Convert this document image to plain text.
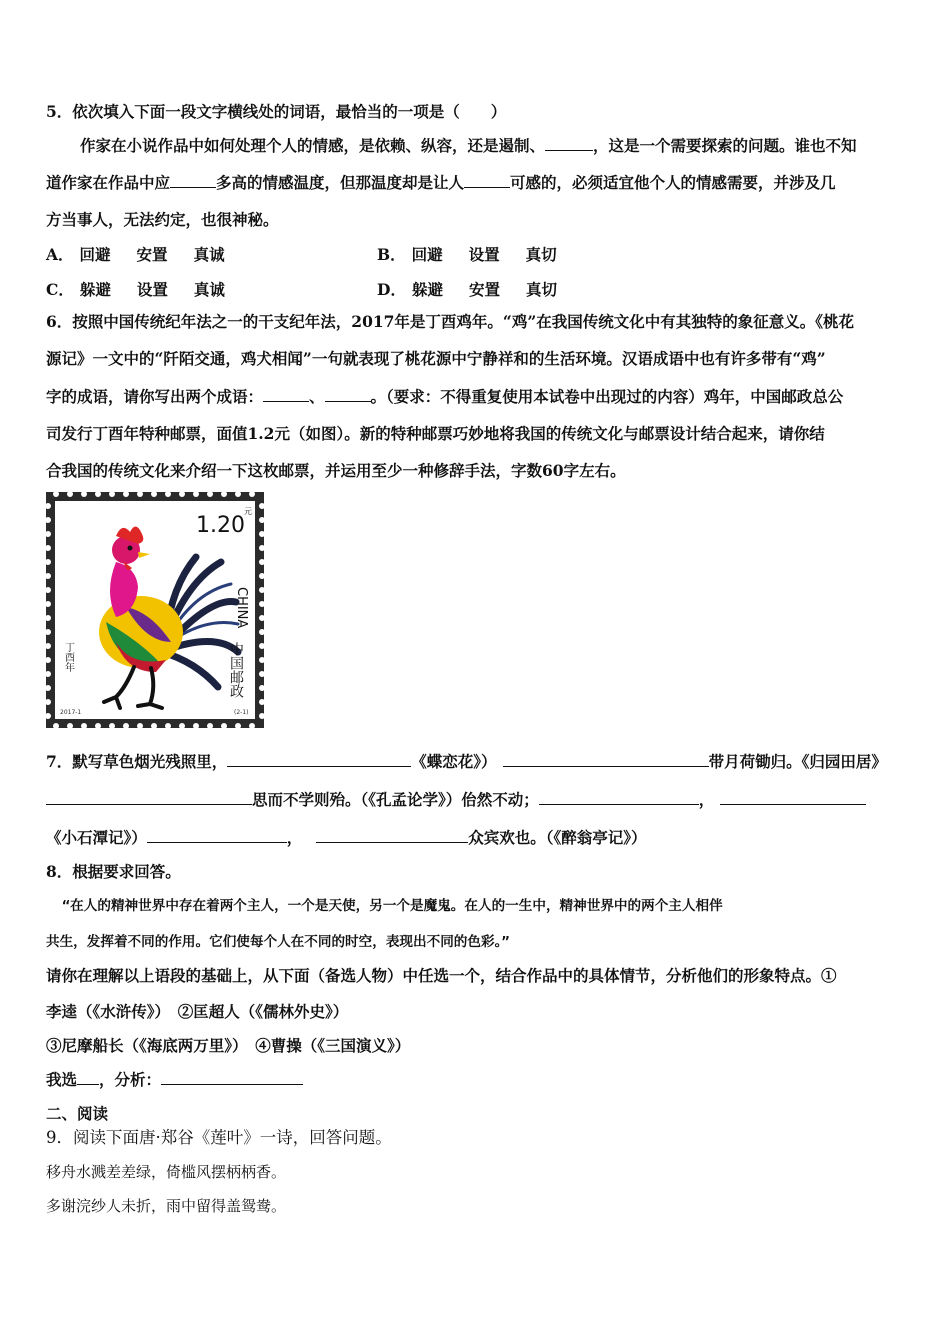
5．依次填入下面一段文字横线处的词语，最恰当的一项是（　　）
作家在小说作品中如何处理个人的情感，是依赖、纵容，还是遏制、	，这是一个需要探索的问题。谁也不知
道作家在作品中应	多高的情感温度，但那温度却是让人	可感的，必须适宜他个人的情感需要，并涉及几
方当事人，无法约定，也很神秘。
A． 回避 安置 真诚	B． 回避 设置 真切
C． 躲避 设置 真诚	D． 躲避 安置 真切
6．按照中国传统纪年法之一的干支纪年法，2017年是丁酉鸡年。“鸡”在我国传统文化中有其独特的象征意义。《桃花
源记》一文中的“阡陌交通，鸡犬相闻”一句就表现了桃花源中宁静祥和的生活环境。汉语成语中也有许多带有“鸡”
字的成语，请你写出两个成语：	、	。（要求：不得重复使用本试卷中出现过的内容）鸡年，中国邮政总公
司发行丁酉年特种邮票，面值1.2元（如图）。新的特种邮票巧妙地将我国的传统文化与邮票设计结合起来，请你结
合我国的传统文化来介绍一下这枚邮票，并运用至少一种修辞手法，字数60字左右。
1.20
元
CHINA
中国邮政
丁酉年
2017-1	(2-1)
7．默写草色烟光残照里，	《蝶恋花》）	带月荷锄归。《归园田居》
思而不学则殆。（《孔孟论学》）佁然不动；	，
《小石潭记》）	，	众宾欢也。（《醉翁亭记》）
8．根据要求回答。
“在人的精神世界中存在着两个主人，一个是天使，另一个是魔鬼。在人的一生中，精神世界中的两个主人相伴
共生，发挥着不同的作用。它们使每个人在不同的时空，表现出不同的色彩。”
请你在理解以上语段的基础上，从下面（备选人物）中任选一个，结合作品中的具体情节，分析他们的形象特点。①
李逵（《水浒传》）　②匡超人（《儒林外史》）
③尼摩船长（《海底两万里》）　④曹操（《三国演义》）
我选 ，分析：
二、阅读
9．阅读下面唐·郑谷《莲叶》一诗，回答问题。
移舟水溅差差绿，倚槛风摆柄柄香。
多谢浣纱人未折，雨中留得盖鸳鸯。
